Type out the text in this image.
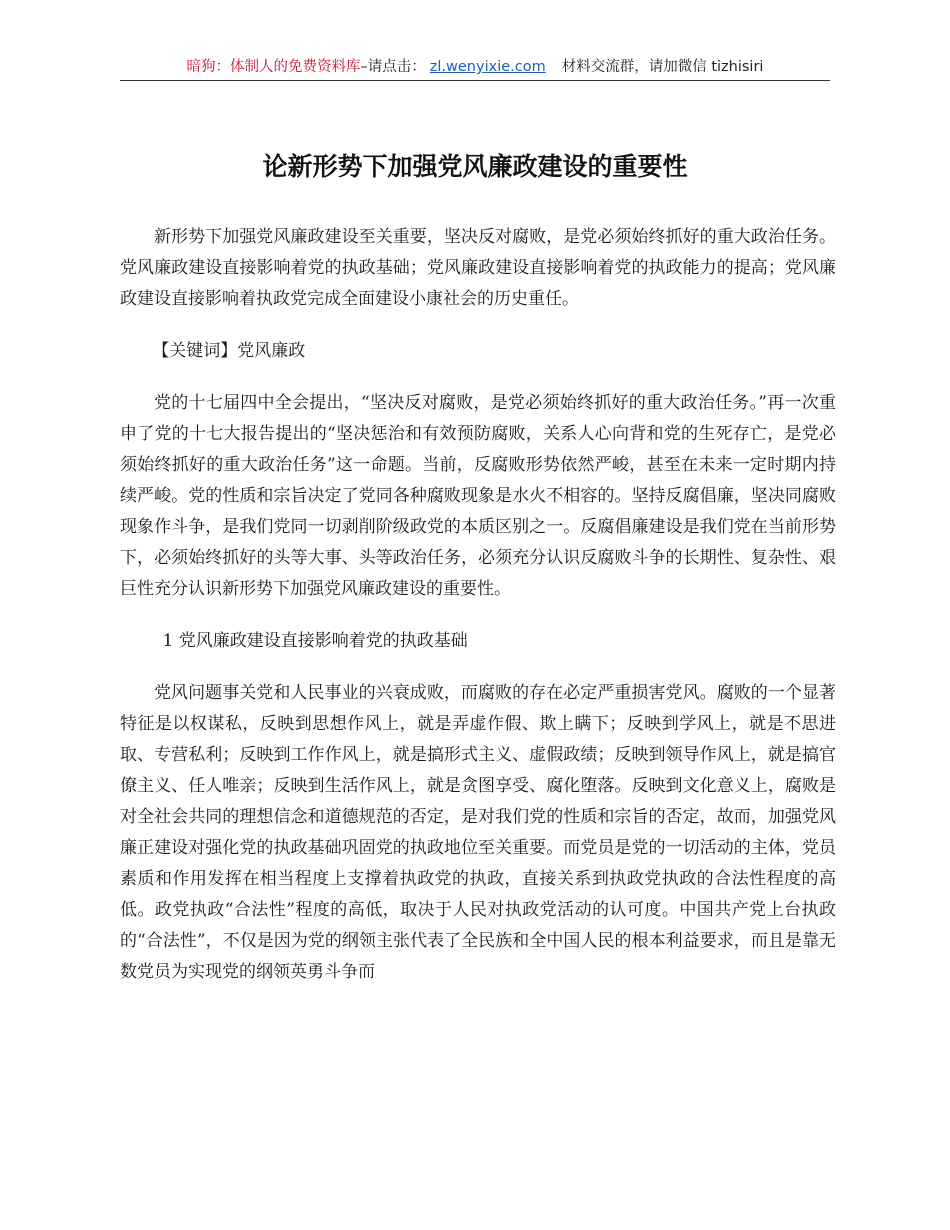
暗狗：体制人的免费资料库–请点击： zl.wenyixie.com 材料交流群，请加微信 tizhisiri
论新形势下加强党风廉政建设的重要性

新形势下加强党风廉政建设至关重要，坚决反对腐败，是党必须始终抓好的重大政治任务。党风廉政建设直接影响着党的执政基础；党风廉政建设直接影响着党的执政能力的提高；党风廉政建设直接影响着执政党完成全面建设小康社会的历史重任。

【关键词】党风廉政

党的十七届四中全会提出，“坚决反对腐败，是党必须始终抓好的重大政治任务。”再一次重申了党的十七大报告提出的“坚决惩治和有效预防腐败，关系人心向背和党的生死存亡，是党必须始终抓好的重大政治任务”这一命题。当前，反腐败形势依然严峻，甚至在未来一定时期内持续严峻。党的性质和宗旨决定了党同各种腐败现象是水火不相容的。坚持反腐倡廉，坚决同腐败现象作斗争，是我们党同一切剥削阶级政党的本质区别之一。反腐倡廉建设是我们党在当前形势下，必须始终抓好的头等大事、头等政治任务，必须充分认识反腐败斗争的长期性、复杂性、艰巨性充分认识新形势下加强党风廉政建设的重要性。

1 党风廉政建设直接影响着党的执政基础

党风问题事关党和人民事业的兴衰成败，而腐败的存在必定严重损害党风。腐败的一个显著特征是以权谋私，反映到思想作风上，就是弄虚作假、欺上瞒下；反映到学风上，就是不思进取、专营私利；反映到工作作风上，就是搞形式主义、虚假政绩；反映到领导作风上，就是搞官僚主义、任人唯亲；反映到生活作风上，就是贪图享受、腐化堕落。反映到文化意义上，腐败是对全社会共同的理想信念和道德规范的否定，是对我们党的性质和宗旨的否定，故而，加强党风廉正建设对强化党的执政基础巩固党的执政地位至关重要。而党员是党的一切活动的主体，党员素质和作用发挥在相当程度上支撑着执政党的执政，直接关系到执政党执政的合法性程度的高低。政党执政“合法性”程度的高低，取决于人民对执政党活动的认可度。中国共产党上台执政的“合法性”，不仅是因为党的纲领主张代表了全民族和全中国人民的根本利益要求，而且是靠无数党员为实现党的纲领英勇斗争而
